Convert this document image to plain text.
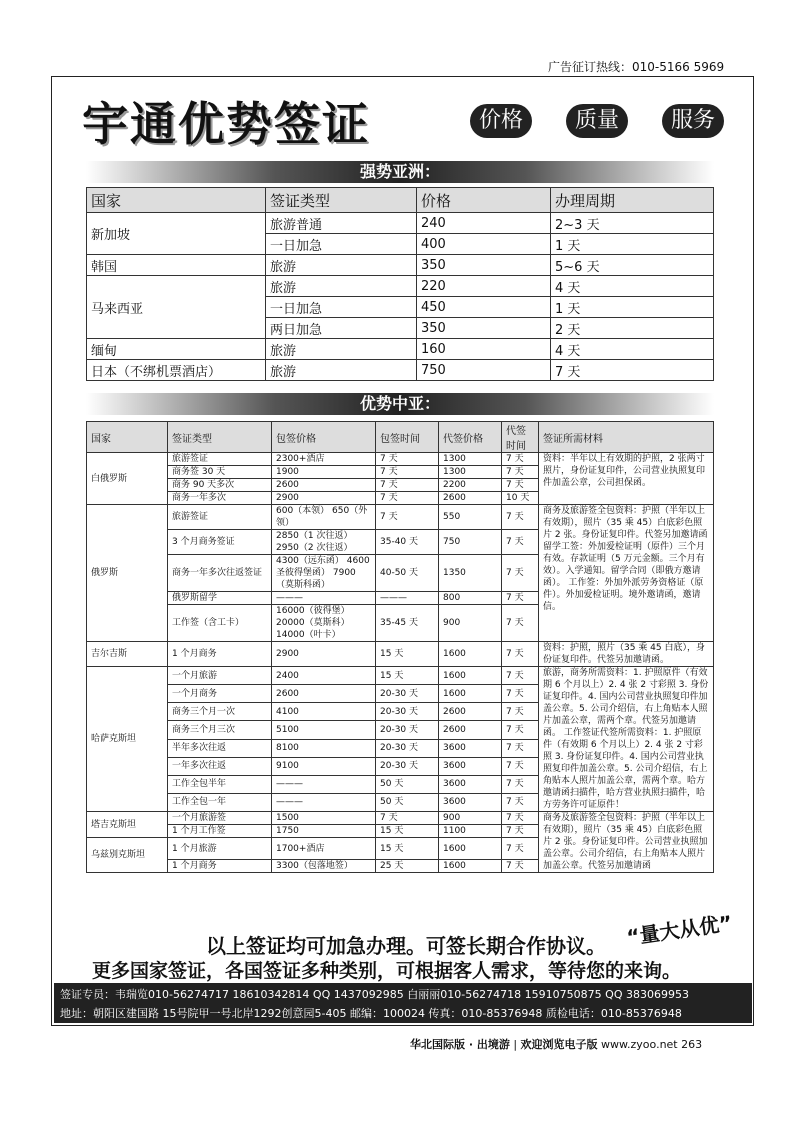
广告征订热线：010-5166 5969
宇通优势签证	价格	质量	服务
强势亚洲：
国家	签证类型	价格	办理周期
新加坡	旅游普通	240	2~3 天
	一日加急	400	1 天
韩国	旅游	350	5~6 天
马来西亚	旅游	220	4 天
	一日加急	450	1 天
	两日加急	350	2 天
缅甸	旅游	160	4 天
日本（不绑机票酒店）	旅游	750	7 天
优势中亚：
国家	签证类型	包签价格	包签时间	代签价格	代签时间	签证所需材料
白俄罗斯	旅游签证	2300+酒店	7 天	1300	7 天	资料：半年以上有效期的护照，2 张两寸照片，身份证复印件，公司营业执照复印件加盖公章，公司担保函。
	商务签 30 天	1900	7 天	1300	7 天	
	商务 90 天多次	2600	7 天	2200	7 天	
	商务一年多次	2900	7 天	2600	10 天	
俄罗斯	旅游签证	600（本领） 650（外领）	7 天	550	7 天	商务及旅游签全包资料：护照（半年以上有效期），照片（35 乘 45）白底彩色照片 2 张。身份证复印件。代签另加邀请函 留学工签：外加爱检证明（原件）三个月有效。存款证明（5 万元金额。三个月有效）。入学通知。留学合同（即俄方邀请函）。 工作签：外加外派劳务资格证（原件）。外加爱检证明。境外邀请函，邀请信。
	3 个月商务签证	2850（1 次往返） 2950（2 次往返）	35-40 天	750	7 天	
	商务一年多次往返签证	4300（远东函） 4600 圣彼得堡函） 7900（莫斯科函）	40-50 天	1350	7 天	
	俄罗斯留学	———	———	800	7 天	
	工作签（含工卡）	16000（彼得堡） 20000（莫斯科） 14000（叶卡）	35-45 天	900	7 天	
吉尔吉斯	1 个月商务	2900	15 天	1600	7 天	资料：护照，照片（35 乘 45 白底），身份证复印件。代签另加邀请函。
哈萨克斯坦	一个月旅游	2400	15 天	1600	7 天	旅游，商务所需资料：1. 护照原件（有效期 6 个月以上）2. 4 张 2 寸彩照 3. 身份证复印件。4. 国内公司营业执照复印件加盖公章。5. 公司介绍信，右上角贴本人照片加盖公章，需两个章。代签另加邀请函。 工作签证代签所需资料：1. 护照原件（有效期 6 个月以上）2. 4 张 2 寸彩照 3. 身份证复印件。4. 国内公司营业执照复印件加盖公章。5. 公司介绍信，右上角贴本人照片加盖公章，需两个章。哈方邀请函扫描件，哈方营业执照扫描件，哈方劳务许可证原件！
	一个月商务	2600	20-30 天	1600	7 天	
	商务三个月一次	4100	20-30 天	2600	7 天	
	商务三个月三次	5100	20-30 天	2600	7 天	
	半年多次往返	8100	20-30 天	3600	7 天	
	一年多次往返	9100	20-30 天	3600	7 天	
	工作全包半年	———	50 天	3600	7 天	
	工作全包一年	———	50 天	3600	7 天	
塔吉克斯坦	一个月旅游签	1500	7 天	900	7 天	商务及旅游签全包资料：护照（半年以上有效期），照片（35 乘 45）白底彩色照片 2 张。身份证复印件。公司营业执照加盖公章。公司介绍信，右上角贴本人照片加盖公章。代签另加邀请函
	1 个月工作签	1750	15 天	1100	7 天	
乌兹别克斯坦	1 个月旅游	1700+酒店	15 天	1600	7 天	
	1 个月商务	3300（包落地签）	25 天	1600	7 天	
以上签证均可加急办理。可签长期合作协议。 “量大从优”
更多国家签证，各国签证多种类别，可根据客人需求，等待您的来询。
签证专员：韦瑞览010-56274717 18610342814 QQ 1437092985 白丽丽010-56274718 15910750875 QQ 383069953
地址：朝阳区建国路 15号院甲一号北岸1292创意园5-405 邮编：100024 传真：010-85376948 质检电话：010-85376948
华北国际版 · 出境游 | 欢迎浏览电子版 www.zyoo.net 263
